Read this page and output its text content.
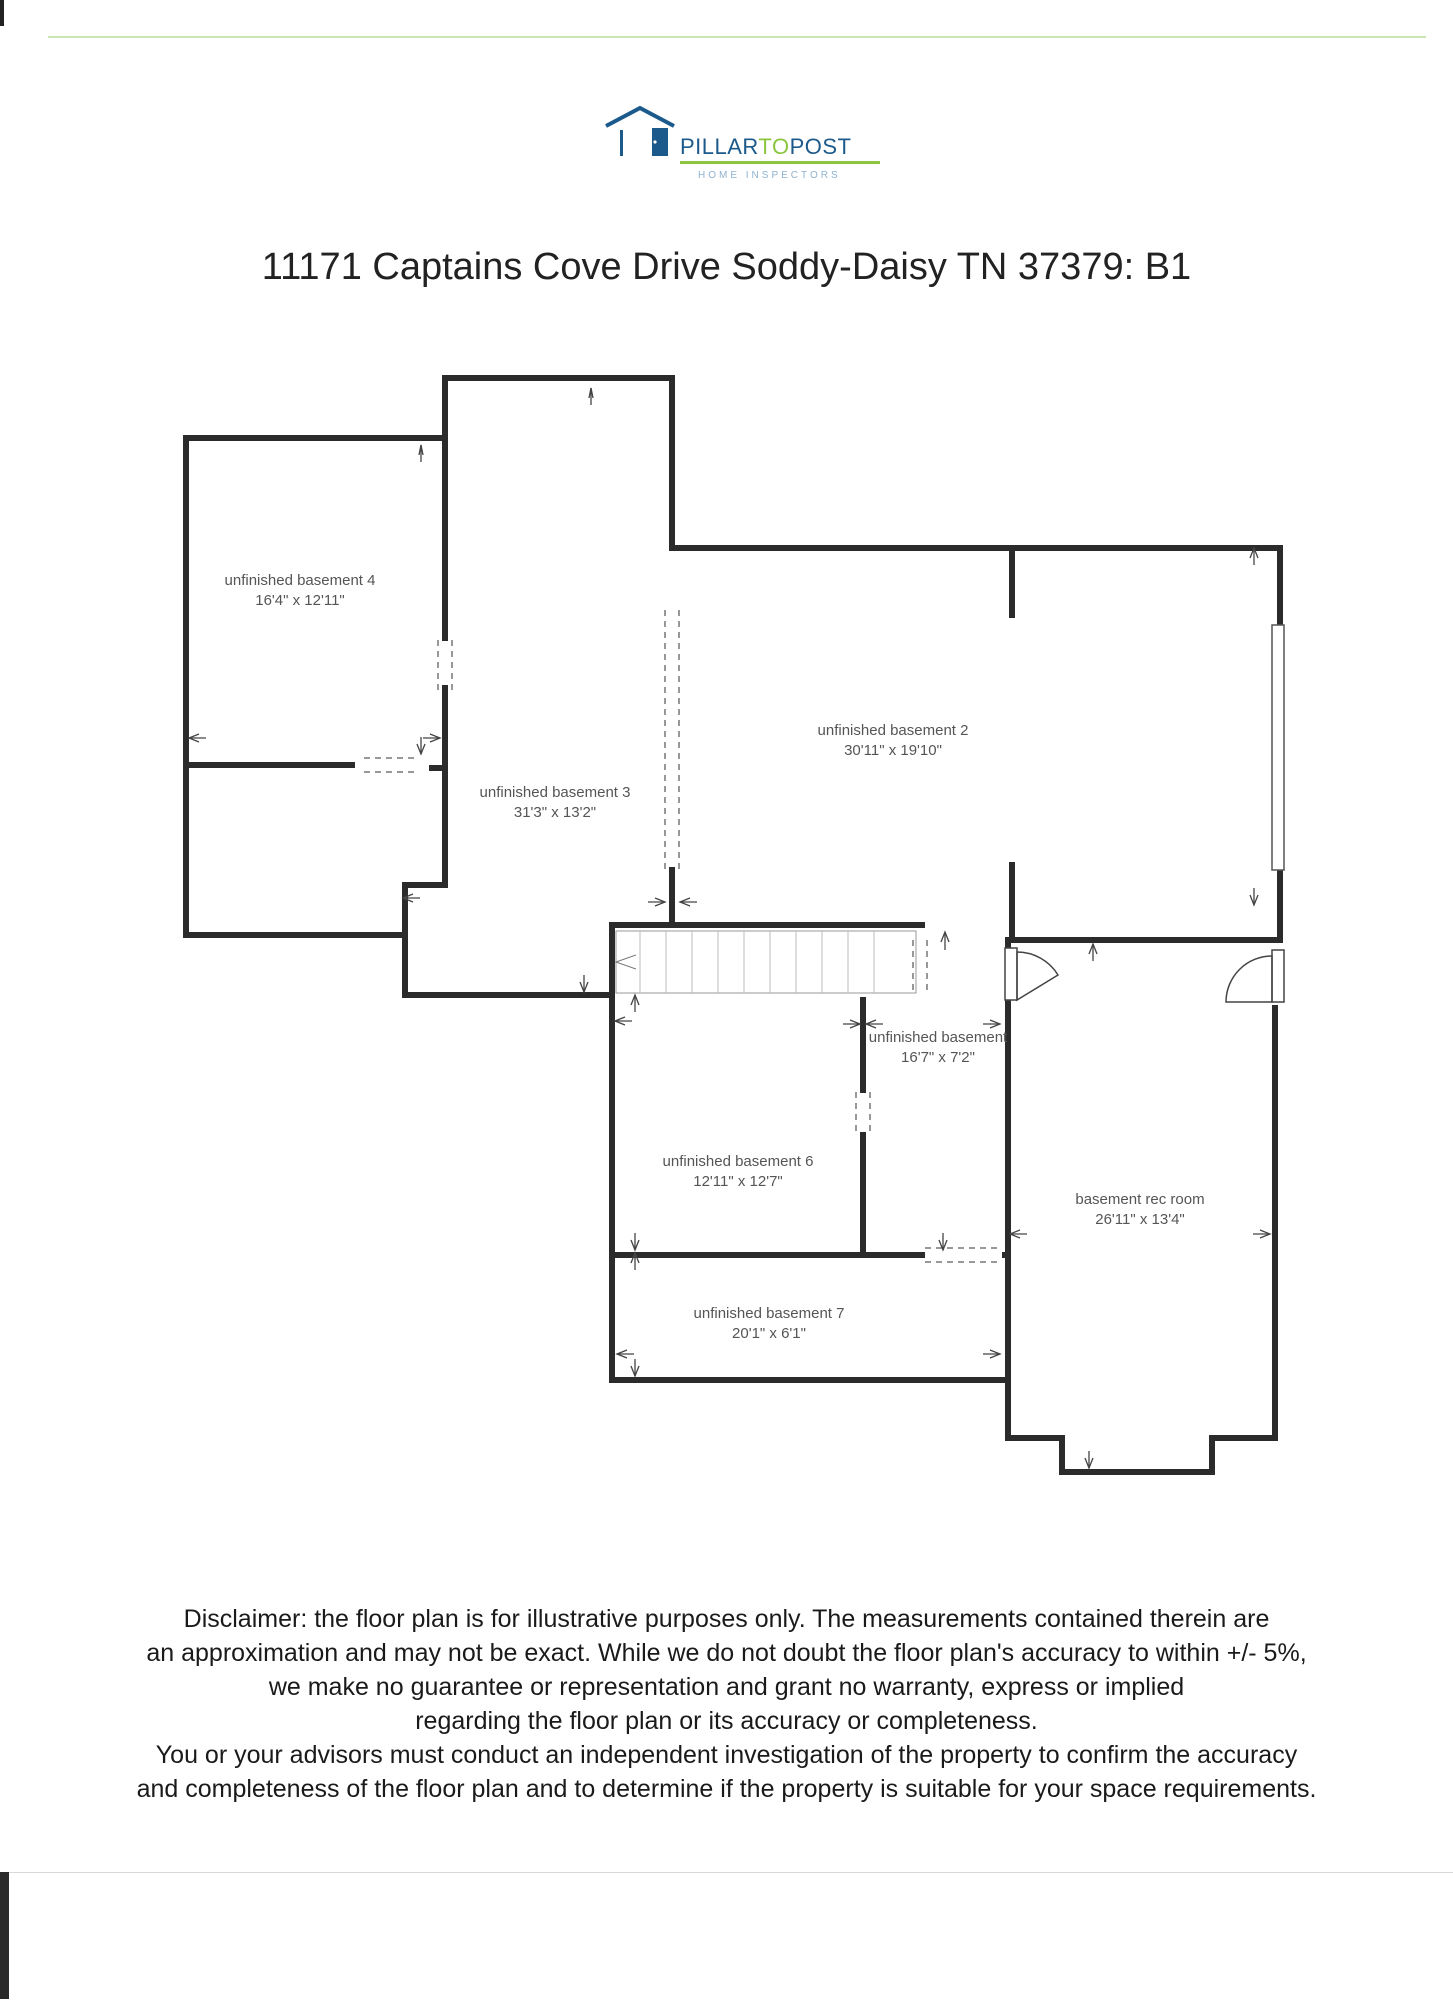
PILLARTOPOST
HOME INSPECTORS
11171 Captains Cove Drive Soddy-Daisy TN 37379: B1
unfinished basement 4
16'4" x 12'11"
unfinished basement 3
31'3" x 13'2"
unfinished basement 2
30'11" x 19'10"
unfinished basement
16'7" x 7'2"
unfinished basement 6
12'11" x 12'7"
basement rec room
26'11" x 13'4"
unfinished basement 7
20'1" x 6'1"

Disclaimer: the floor plan is for illustrative purposes only. The measurements contained therein are

an approximation and may not be exact. While we do not doubt the floor plan's accuracy to within +/- 5%,

we make no guarantee or representation and grant no warranty, express or implied

regarding the floor plan or its accuracy or completeness.

You or your advisors must conduct an independent investigation of the property to confirm the accuracy

and completeness of the floor plan and to determine if the property is suitable for your space requirements.
